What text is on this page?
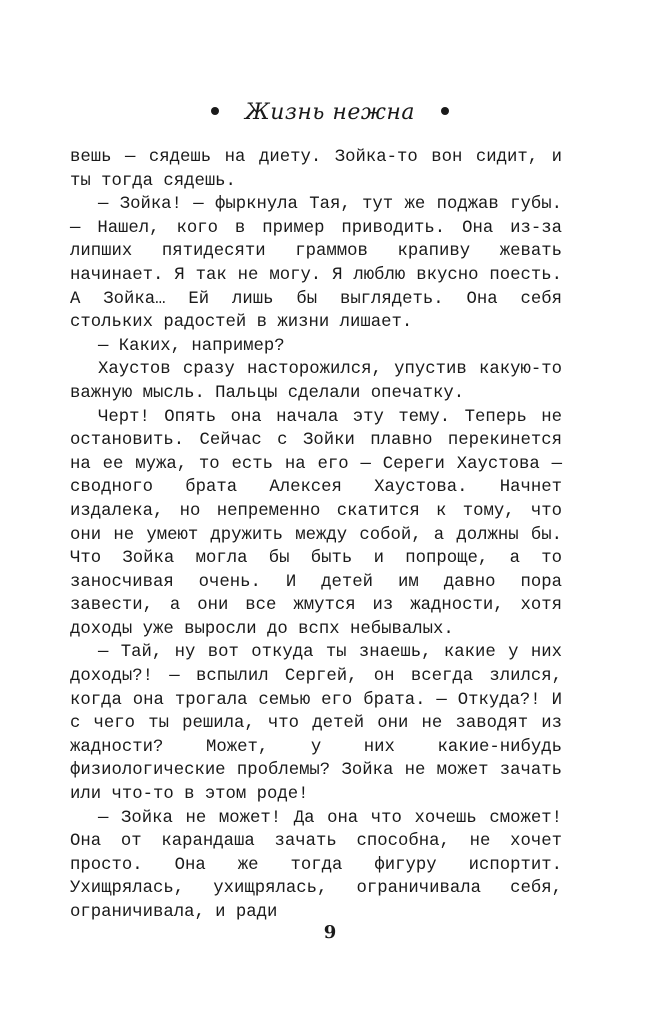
Жизнь нежна

вешь — сядешь на диету. Зойка-то вон сидит, и ты тогда сядешь.

— Зойка! — фыркнула Тая, тут же поджав губы. — Нашел, кого в пример приводить. Она из-за липших пятидесяти граммов крапиву жевать начинает. Я так не могу. Я люблю вкусно поесть. А Зойка… Ей лишь бы выглядеть. Она себя стольких радостей в жизни лишает.

— Каких, например?

Хаустов сразу насторожился, упустив какую-то важную мысль. Пальцы сделали опечатку.

Черт! Опять она начала эту тему. Теперь не остановить. Сейчас с Зойки плавно перекинется на ее мужа, то есть на его — Сереги Хаустова — сводного брата Алексея Хаустова. Начнет издалека, но непременно скатится к тому, что они не умеют дружить между собой, а должны бы. Что Зойка могла бы быть и попроще, а то заносчивая очень. И детей им давно пора завести, а они все жмутся из жадности, хотя доходы уже выросли до вспх небывалых.

— Тай, ну вот откуда ты знаешь, какие у них доходы?! — вспылил Сергей, он всегда злился, когда она трогала семью его брата. — Откуда?! И с чего ты решила, что детей они не заводят из жадности? Может, у них какие-нибудь физиологические проблемы? Зойка не может зачать или что-то в этом роде!

— Зойка не может! Да она что хочешь сможет! Она от карандаша зачать способна, не хочет просто. Она же тогда фигуру испортит. Ухищрялась, ухищрялась, ограничивала себя, ограничивала, и ради

9
